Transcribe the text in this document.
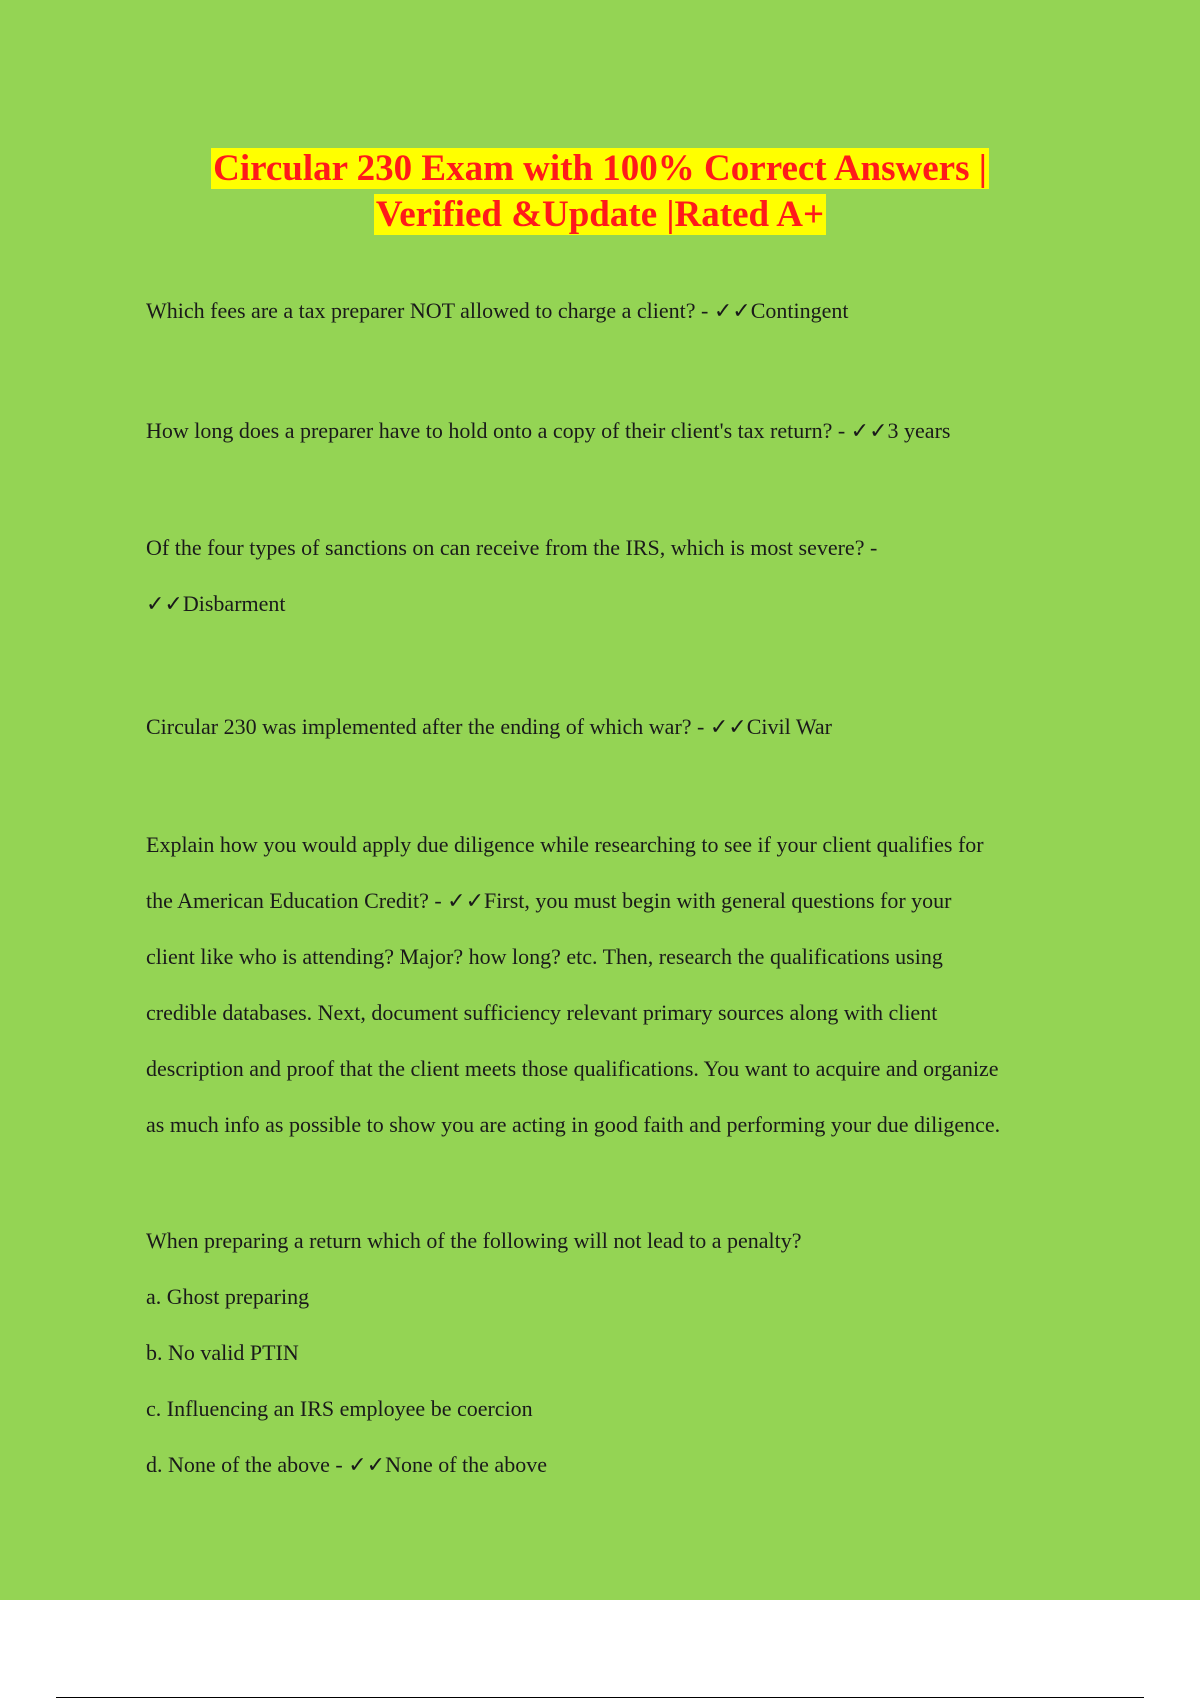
Circular 230 Exam with 100% Correct Answers |
Verified &Update |Rated A+
Which fees are a tax preparer NOT allowed to charge a client? - ✓✓Contingent
How long does a preparer have to hold onto a copy of their client's tax return? - ✓✓3 years
Of the four types of sanctions on can receive from the IRS, which is most severe? -
✓✓Disbarment
Circular 230 was implemented after the ending of which war? - ✓✓Civil War
Explain how you would apply due diligence while researching to see if your client qualifies for
the American Education Credit? - ✓✓First, you must begin with general questions for your
client like who is attending? Major? how long? etc. Then, research the qualifications using
credible databases. Next, document sufficiency relevant primary sources along with client
description and proof that the client meets those qualifications. You want to acquire and organize
as much info as possible to show you are acting in good faith and performing your due diligence.
When preparing a return which of the following will not lead to a penalty?
a. Ghost preparing
b. No valid PTIN
c. Influencing an IRS employee be coercion
d. None of the above - ✓✓None of the above
